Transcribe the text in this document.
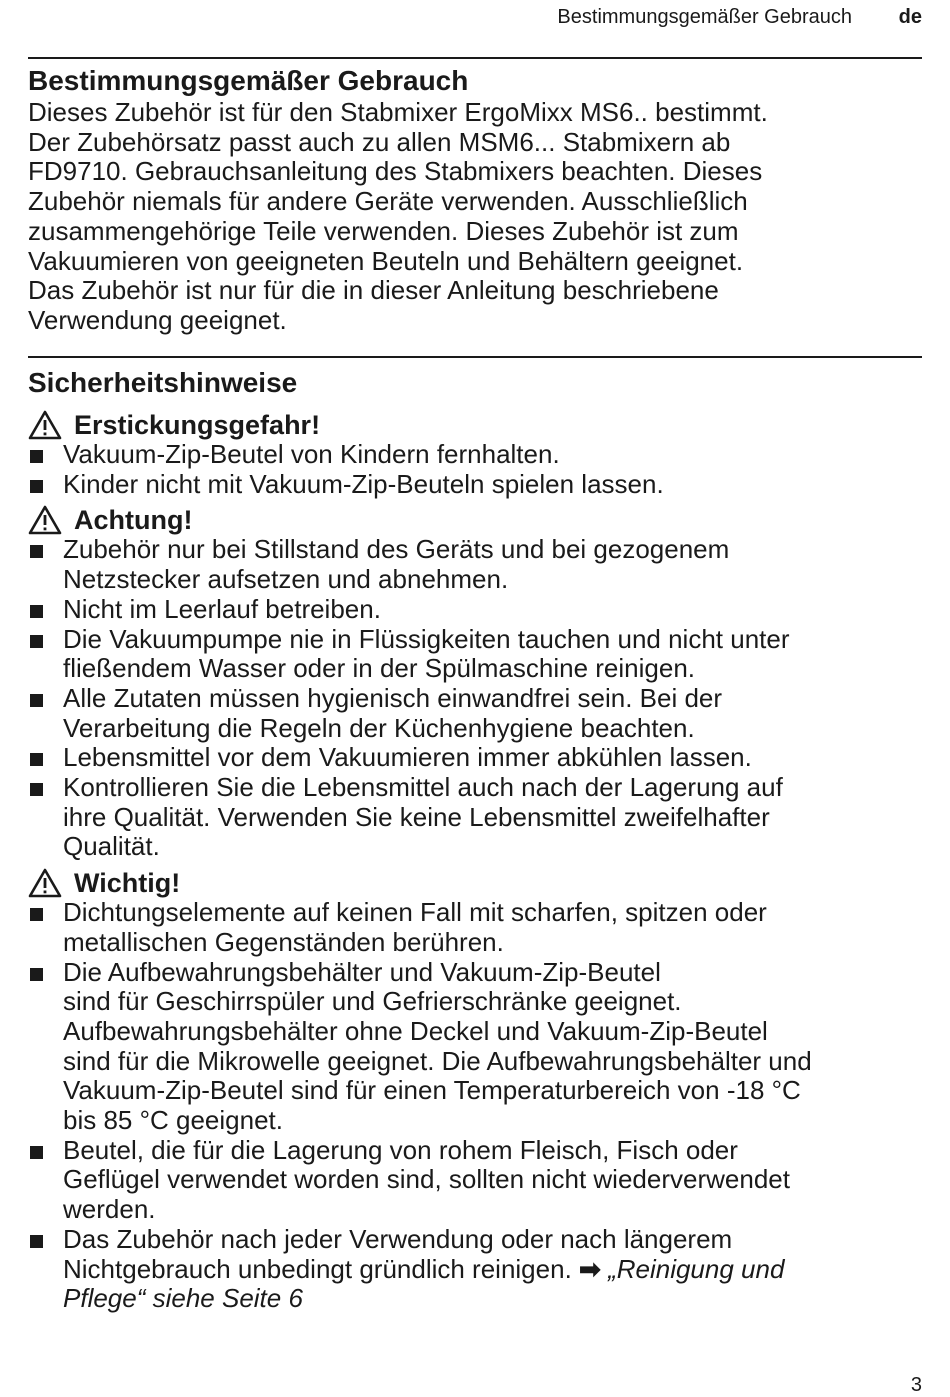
Bestimmungsgemäßer Gebrauch de
Bestimmungsgemäßer Gebrauch

Dieses Zubehör ist für den Stabmixer ErgoMixx MS6.. bestimmt.
Der Zubehörsatz passt auch zu allen MSM6... Stabmixern ab
FD9710. Gebrauchsanleitung des Stabmixers beachten. Dieses
Zubehör niemals für andere Geräte verwenden. Ausschließlich
zusammengehörige Teile verwenden. Dieses Zubehör ist zum
Vakuumieren von geeigneten Beuteln und Behältern geeignet.
Das Zubehör ist nur für die in dieser Anleitung beschriebene
Verwendung geeignet.

Sicherheitshinweise
Erstickungsgefahr!
Vakuum-Zip-Beutel von Kindern fernhalten.
Kinder nicht mit Vakuum-Zip-Beuteln spielen lassen.
Achtung!
Zubehör nur bei Stillstand des Geräts und bei gezogenem
Netzstecker aufsetzen und abnehmen.
Nicht im Leerlauf betreiben.
Die Vakuumpumpe nie in Flüssigkeiten tauchen und nicht unter
fließendem Wasser oder in der Spülmaschine reinigen.
Alle Zutaten müssen hygienisch einwandfrei sein. Bei der
Verarbeitung die Regeln der Küchenhygiene beachten.
Lebensmittel vor dem Vakuumieren immer abkühlen lassen.
Kontrollieren Sie die Lebensmittel auch nach der Lagerung auf
ihre Qualität. Verwenden Sie keine Lebensmittel zweifelhafter
Qualität.
Wichtig!
Dichtungselemente auf keinen Fall mit scharfen, spitzen oder
metallischen Gegenständen berühren.
Die Aufbewahrungsbehälter und Vakuum-Zip-Beutel
sind für Geschirrspüler und Gefrierschränke geeignet.
Aufbewahrungsbehälter ohne Deckel und Vakuum-Zip-Beutel
sind für die Mikrowelle geeignet. Die Aufbewahrungsbehälter und
Vakuum-Zip-Beutel sind für einen Temperaturbereich von -18 °C
bis 85 °C geeignet.
Beutel, die für die Lagerung von rohem Fleisch, Fisch oder
Geflügel verwendet worden sind, sollten nicht wiederverwendet
werden.
Das Zubehör nach jeder Verwendung oder nach längerem
Nichtgebrauch unbedingt gründlich reinigen. ➡ „Reinigung und
Pflege“ siehe Seite 6
3
